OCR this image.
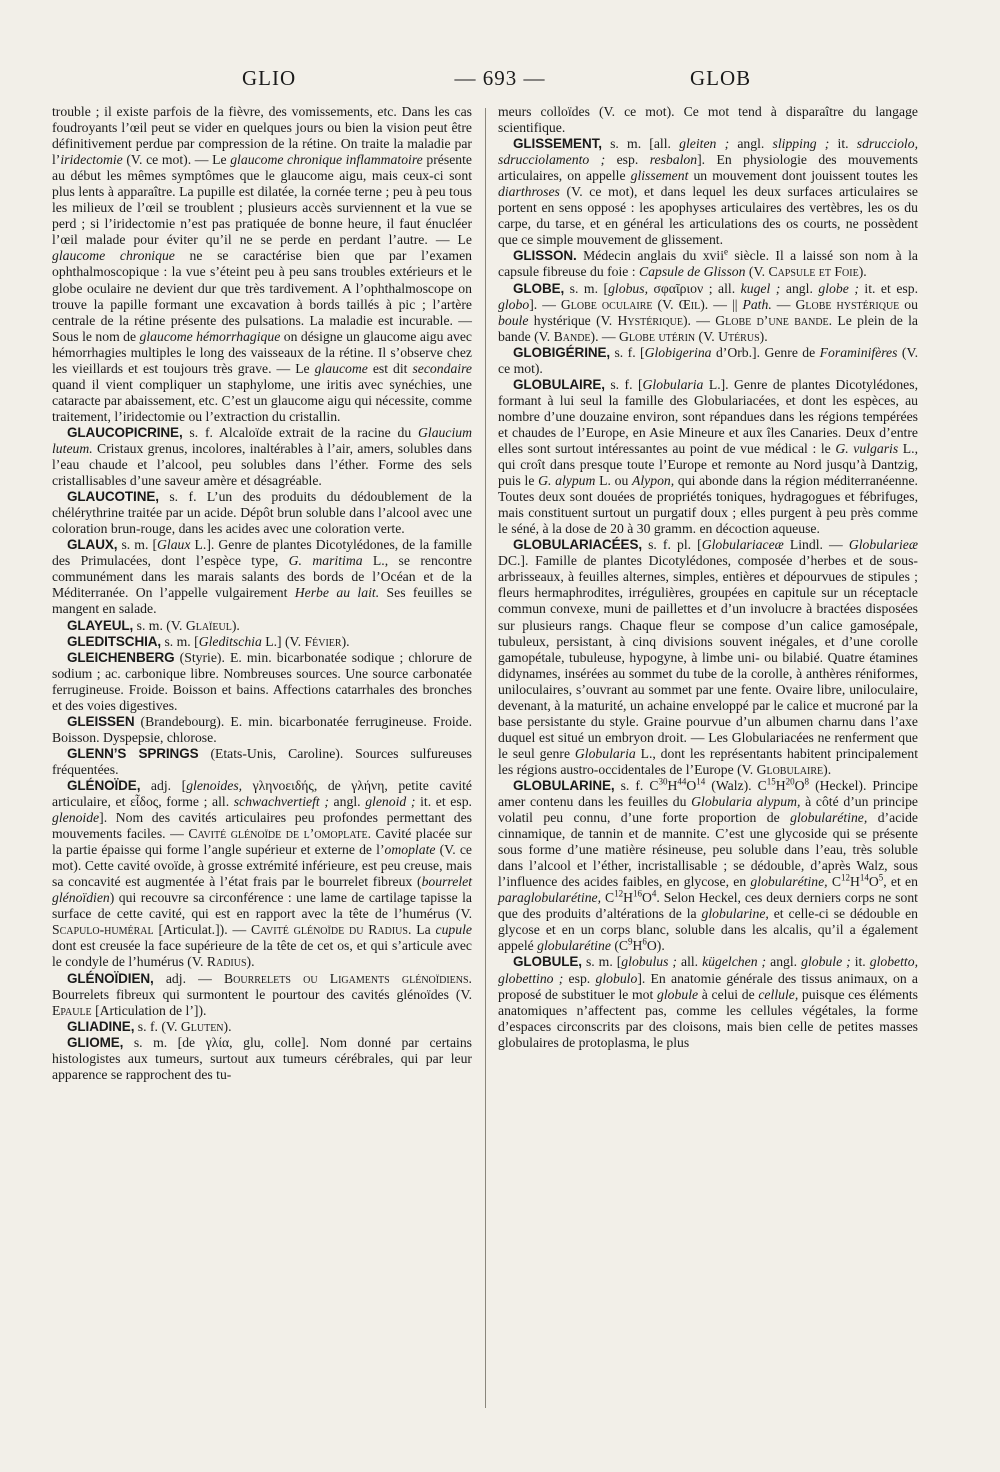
GLIO	— 693 —	GLOB

trouble ; il existe parfois de la fièvre, des vomissements, etc. Dans les cas foudroyants l’œil peut se vider en quelques jours ou bien la vision peut être définitivement perdue par compression de la rétine. On traite la maladie par l’iridectomie (V. ce mot). — Le glaucome chronique inflammatoire présente au début les mêmes symptômes que le glaucome aigu, mais ceux-ci sont plus lents à apparaître. La pupille est dilatée, la cornée terne ; peu à peu tous les milieux de l’œil se troublent ; plusieurs accès surviennent et la vue se perd ; si l’iridectomie n’est pas pratiquée de bonne heure, il faut énucléer l’œil malade pour éviter qu’il ne se perde en perdant l’autre. — Le glaucome chronique ne se caractérise bien que par l’examen ophthalmoscopique : la vue s’éteint peu à peu sans troubles extérieurs et le globe oculaire ne devient dur que très tardivement. A l’ophthalmoscope on trouve la papille formant une excavation à bords taillés à pic ; l’artère centrale de la rétine présente des pulsations. La maladie est incurable. — Sous le nom de glaucome hémorrhagique on désigne un glaucome aigu avec hémorrhagies multiples le long des vaisseaux de la rétine. Il s’observe chez les vieillards et est toujours très grave. — Le glaucome est dit secondaire quand il vient compliquer un staphylome, une iritis avec synéchies, une cataracte par abaissement, etc. C’est un glaucome aigu qui nécessite, comme traitement, l’iridectomie ou l’extraction du cristallin.

GLAUCOPICRINE, s. f. Alcaloïde extrait de la racine du Glaucium luteum. Cristaux grenus, incolores, inaltérables à l’air, amers, solubles dans l’eau chaude et l’alcool, peu solubles dans l’éther. Forme des sels cristallisables d’une saveur amère et désagréable.

GLAUCOTINE, s. f. L’un des produits du dédoublement de la chélérythrine traitée par un acide. Dépôt brun soluble dans l’alcool avec une coloration brun-rouge, dans les acides avec une coloration verte.

GLAUX, s. m. [Glaux L.]. Genre de plantes Dicotylédones, de la famille des Primulacées, dont l’espèce type, G. maritima L., se rencontre communément dans les marais salants des bords de l’Océan et de la Méditerranée. On l’appelle vulgairement Herbe au lait. Ses feuilles se mangent en salade.

GLAYEUL, s. m. (V. Glaïeul).

GLEDITSCHIA, s. m. [Gleditschia L.] (V. Févier).

GLEICHENBERG (Styrie). E. min. bicarbonatée sodique ; chlorure de sodium ; ac. carbonique libre. Nombreuses sources. Une source carbonatée ferrugineuse. Froide. Boisson et bains. Affections catarrhales des bronches et des voies digestives.

GLEISSEN (Brandebourg). E. min. bicarbonatée ferrugineuse. Froide. Boisson. Dyspepsie, chlorose.

GLENN’S SPRINGS (Etats-Unis, Caroline). Sources sulfureuses fréquentées.

GLÉNOÏDE, adj. [glenoides, γληνοειδής, de γλήνη, petite cavité articulaire, et εἶδος, forme ; all. schwachvertieft ; angl. glenoid ; it. et esp. glenoide]. Nom des cavités articulaires peu profondes permettant des mouvements faciles. — Cavité glénoïde de l’omoplate. Cavité placée sur la partie épaisse qui forme l’angle supérieur et externe de l’omoplate (V. ce mot). Cette cavité ovoïde, à grosse extrémité inférieure, est peu creuse, mais sa concavité est augmentée à l’état frais par le bourrelet fibreux (bourrelet glénoïdien) qui recouvre sa circonférence : une lame de cartilage tapisse la surface de cette cavité, qui est en rapport avec la tête de l’humérus (V. Scapulo-huméral [Articulat.]). — Cavité glénoïde du Radius. La cupule dont est creusée la face supérieure de la tête de cet os, et qui s’articule avec le condyle de l’humérus (V. Radius).

GLÉNOÏDIEN, adj. — Bourrelets ou Ligaments glénoïdiens. Bourrelets fibreux qui surmontent le pourtour des cavités glénoïdes (V. Epaule [Articulation de l’]).

GLIADINE, s. f. (V. Gluten).

GLIOME, s. m. [de γλία, glu, colle]. Nom donné par certains histologistes aux tumeurs, surtout aux tumeurs cérébrales, qui par leur apparence se rapprochent des tu-

meurs colloïdes (V. ce mot). Ce mot tend à disparaître du langage scientifique.

GLISSEMENT, s. m. [all. gleiten ; angl. slipping ; it. sdrucciolo, sdrucciolamento ; esp. resbalon]. En physiologie des mouvements articulaires, on appelle glissement un mouvement dont jouissent toutes les diarthroses (V. ce mot), et dans lequel les deux surfaces articulaires se portent en sens opposé : les apophyses articulaires des vertèbres, les os du carpe, du tarse, et en général les articulations des os courts, ne possèdent que ce simple mouvement de glissement.

GLISSON. Médecin anglais du xvii$^e$ siècle. Il a laissé son nom à la capsule fibreuse du foie : Capsule de Glisson (V. Capsule et Foie).

GLOBE, s. m. [globus, σφαῖριον ; all. kugel ; angl. globe ; it. et esp. globo]. — Globe oculaire (V. Œil). — || Path. — Globe hystérique ou boule hystérique (V. Hystérique). — Globe d’une bande. Le plein de la bande (V. Bande). — Globe utérin (V. Utérus).

GLOBIGÉRINE, s. f. [Globigerina d’Orb.]. Genre de Foraminifères (V. ce mot).

GLOBULAIRE, s. f. [Globularia L.]. Genre de plantes Dicotylédones, formant à lui seul la famille des Globulariacées, et dont les espèces, au nombre d’une douzaine environ, sont répandues dans les régions tempérées et chaudes de l’Europe, en Asie Mineure et aux îles Canaries. Deux d’entre elles sont surtout intéressantes au point de vue médical : le G. vulgaris L., qui croît dans presque toute l’Europe et remonte au Nord jusqu’à Dantzig, puis le G. alypum L. ou Alypon, qui abonde dans la région méditerranéenne. Toutes deux sont douées de propriétés toniques, hydragogues et fébrifuges, mais constituent surtout un purgatif doux ; elles purgent à peu près comme le séné, à la dose de 20 à 30 gramm. en décoction aqueuse.

GLOBULARIACÉES, s. f. pl. [Globulariaceæ Lindl. — Globularieæ DC.]. Famille de plantes Dicotylédones, composée d’herbes et de sous-arbrisseaux, à feuilles alternes, simples, entières et dépourvues de stipules ; fleurs hermaphrodites, irrégulières, groupées en capitule sur un réceptacle commun convexe, muni de paillettes et d’un involucre à bractées disposées sur plusieurs rangs. Chaque fleur se compose d’un calice gamosépale, tubuleux, persistant, à cinq divisions souvent inégales, et d’une corolle gamopétale, tubuleuse, hypogyne, à limbe uni- ou bilabié. Quatre étamines didynames, insérées au sommet du tube de la corolle, à anthères réniformes, uniloculaires, s’ouvrant au sommet par une fente. Ovaire libre, uniloculaire, devenant, à la maturité, un achaine enveloppé par le calice et mucroné par la base persistante du style. Graine pourvue d’un albumen charnu dans l’axe duquel est situé un embryon droit. — Les Globulariacées ne renferment que le seul genre Globularia L., dont les représentants habitent principalement les régions austro-occidentales de l’Europe (V. Globulaire).

GLOBULARINE, s. f. $C^{30}H^{44}O^{14}$ (Walz). $C^{15}H^{20}O^8$ (Heckel). Principe amer contenu dans les feuilles du Globularia alypum, à côté d’un principe volatil peu connu, d’une forte proportion de globularétine, d’acide cinnamique, de tannin et de mannite. C’est une glycoside qui se présente sous forme d’une matière résineuse, peu soluble dans l’eau, très soluble dans l’alcool et l’éther, incristallisable ; se dédouble, d’après Walz, sous l’influence des acides faibles, en glycose, en globularétine, $C^{12}H^{14}O^5$, et en paraglobularétine, $C^{12}H^{16}O^4$. Selon Heckel, ces deux derniers corps ne sont que des produits d’altérations de la globularine, et celle-ci se dédouble en glycose et en un corps blanc, soluble dans les alcalis, qu’il a également appelé globularétine $(C^9H^6O)$.

GLOBULE, s. m. [globulus ; all. kügelchen ; angl. globule ; it. globetto, globettino ; esp. globulo]. En anatomie générale des tissus animaux, on a proposé de substituer le mot globule à celui de cellule, puisque ces éléments anatomiques n’affectent pas, comme les cellules végétales, la forme d’espaces circonscrits par des cloisons, mais bien celle de petites masses globulaires de protoplasma, le plus
